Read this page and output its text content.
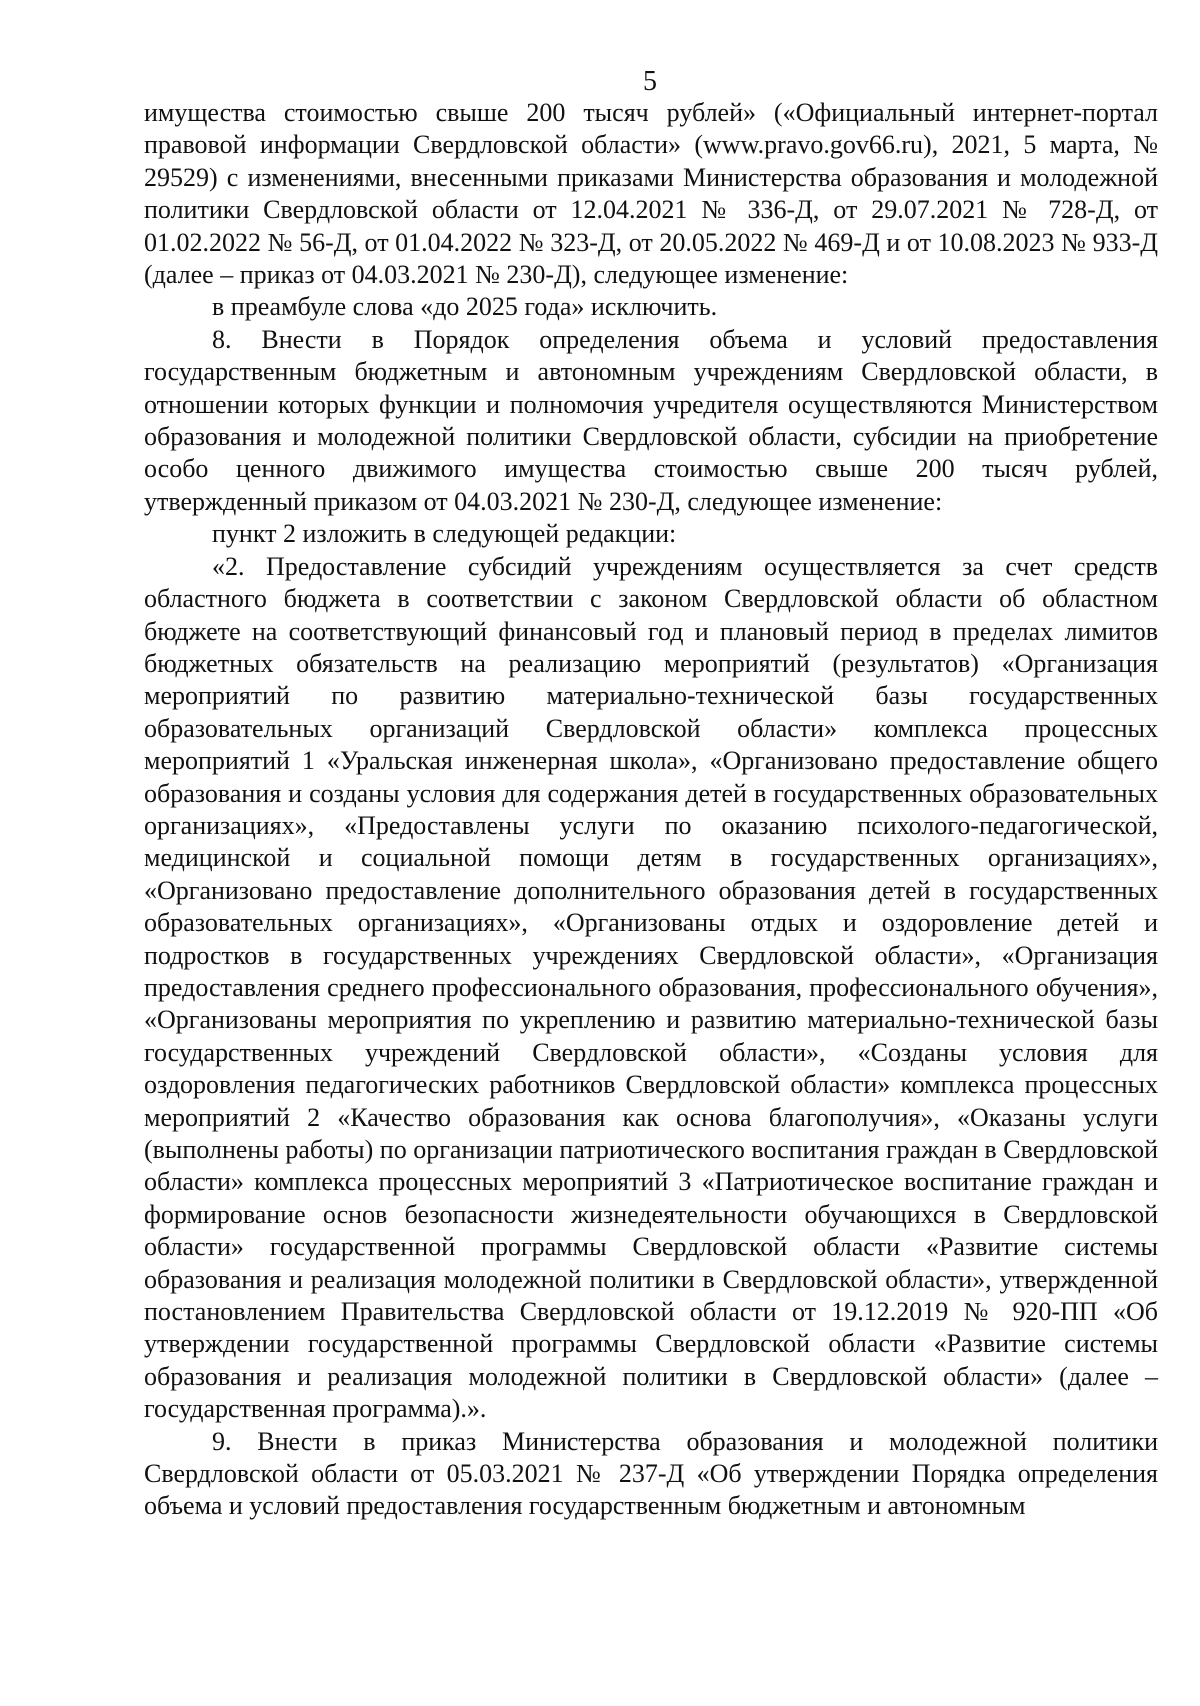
5

имущества стоимостью свыше 200 тысяч рублей» («Официальный интернет-портал правовой информации Свердловской области» (www.pravo.gov66.ru), 2021, 5 марта, № 29529) с изменениями, внесенными приказами Министерства образования и молодежной политики Свердловской области от 12.04.2021 № 336-Д, от 29.07.2021 № 728-Д, от 01.02.2022 № 56-Д, от 01.04.2022 № 323-Д, от 20.05.2022 № 469-Д и от 10.08.2023 № 933-Д (далее – приказ от 04.03.2021 № 230-Д), следующее изменение:

в преамбуле слова «до 2025 года» исключить.

8. Внести в Порядок определения объема и условий предоставления государственным бюджетным и автономным учреждениям Свердловской области, в отношении которых функции и полномочия учредителя осуществляются Министерством образования и молодежной политики Свердловской области, субсидии на приобретение особо ценного движимого имущества стоимостью свыше 200 тысяч рублей, утвержденный приказом от 04.03.2021 № 230-Д, следующее изменение:

пункт 2 изложить в следующей редакции:

«2. Предоставление субсидий учреждениям осуществляется за счет средств областного бюджета в соответствии с законом Свердловской области об областном бюджете на соответствующий финансовый год и плановый период в пределах лимитов бюджетных обязательств на реализацию мероприятий (результатов) «Организация мероприятий по развитию материально-технической базы государственных образовательных организаций Свердловской области» комплекса процессных мероприятий 1 «Уральская инженерная школа», «Организовано предоставление общего образования и созданы условия для содержания детей в государственных образовательных организациях», «Предоставлены услуги по оказанию психолого-педагогической, медицинской и социальной помощи детям в государственных организациях», «Организовано предоставление дополнительного образования детей в государственных образовательных организациях», «Организованы отдых и оздоровление детей и подростков в государственных учреждениях Свердловской области», «Организация предоставления среднего профессионального образования, профессионального обучения», «Организованы мероприятия по укреплению и развитию материально-технической базы государственных учреждений Свердловской области», «Созданы условия для оздоровления педагогических работников Свердловской области» комплекса процессных мероприятий 2 «Качество образования как основа благополучия», «Оказаны услуги (выполнены работы) по организации патриотического воспитания граждан в Свердловской области» комплекса процессных мероприятий 3 «Патриотическое воспитание граждан и формирование основ безопасности жизнедеятельности обучающихся в Свердловской области» государственной программы Свердловской области «Развитие системы образования и реализация молодежной политики в Свердловской области», утвержденной постановлением Правительства Свердловской области от 19.12.2019 № 920-ПП «Об утверждении государственной программы Свердловской области «Развитие системы образования и реализация молодежной политики в Свердловской области» (далее – государственная программа).».

9. Внести в приказ Министерства образования и молодежной политики Свердловской области от 05.03.2021 № 237-Д «Об утверждении Порядка определения объема и условий предоставления государственным бюджетным и автономным
